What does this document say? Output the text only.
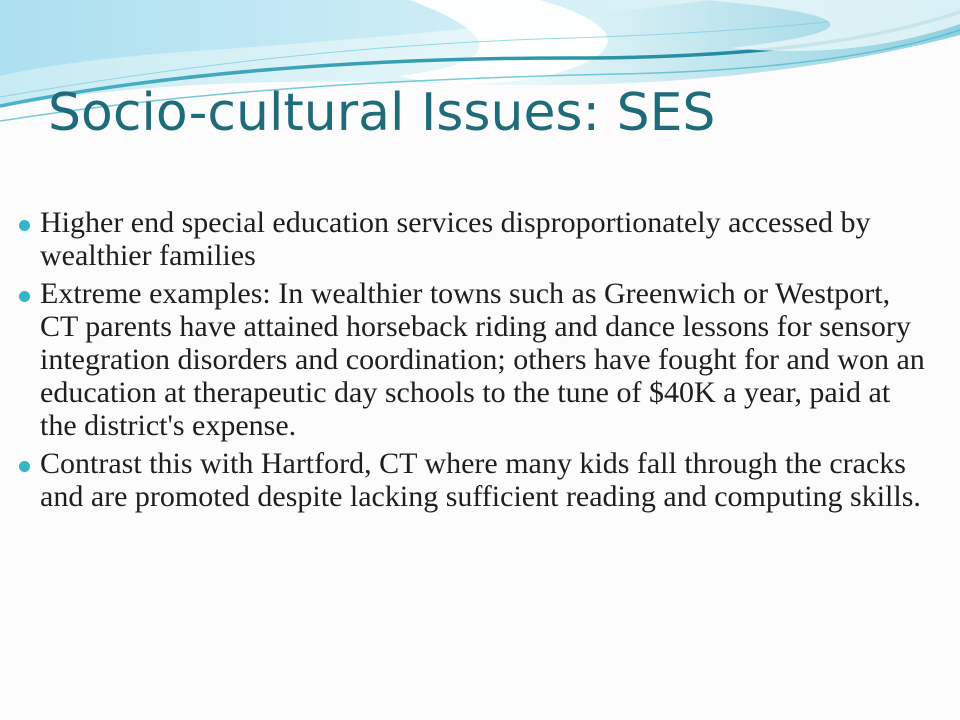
Socio-cultural Issues: SES
Higher end special education services disproportionately accessed by wealthier families
Extreme examples: In wealthier towns such as Greenwich or Westport, CT parents have attained horseback riding and dance lessons for sensory integration disorders and coordination; others have fought for and won an education at therapeutic day schools to the tune of $40K a year, paid at the district's expense.
Contrast this with Hartford, CT where many kids fall through the cracks and are promoted despite lacking sufficient reading and computing skills.
